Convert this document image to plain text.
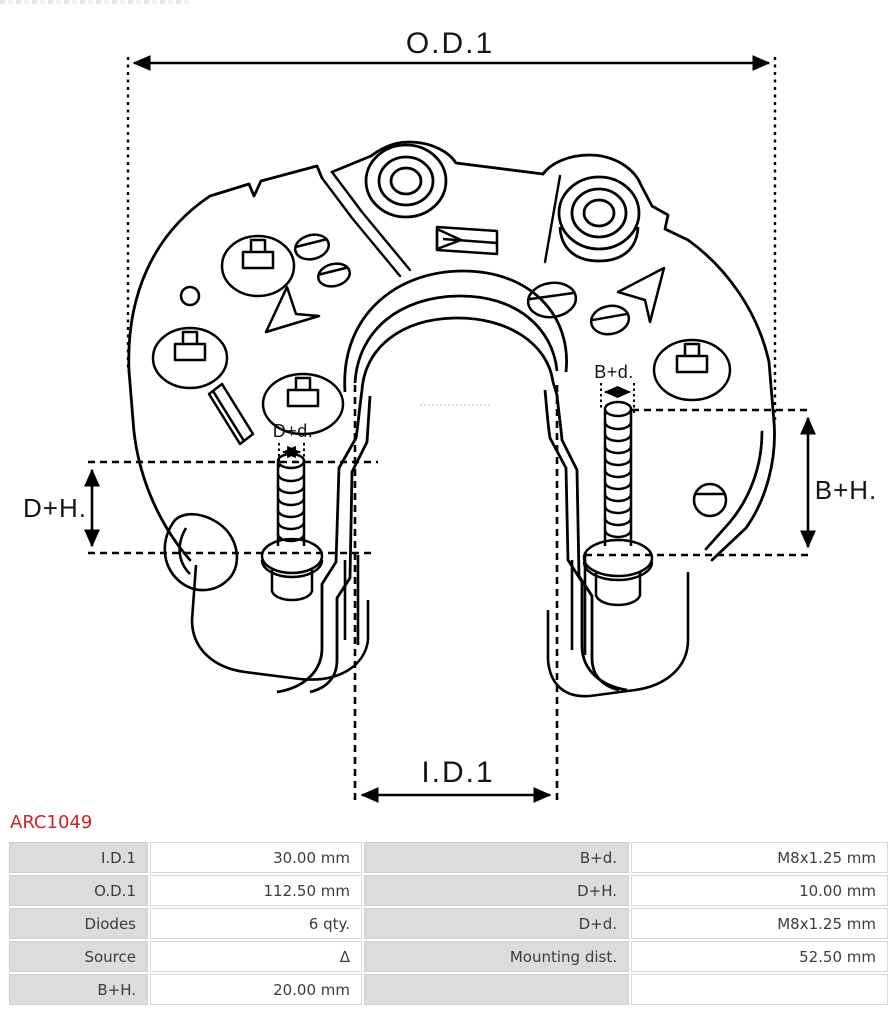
O.D.1
I.D.1
D+H.
B+H.
B+d.
D+d.
ARC1049
I.D.1	30.00 mm	B+d.	M8x1.25 mm
O.D.1	112.50 mm	D+H.	10.00 mm
Diodes	6 qty.	D+d.	M8x1.25 mm
Source	Δ	Mounting dist.	52.50 mm
B+H.	20.00 mm
